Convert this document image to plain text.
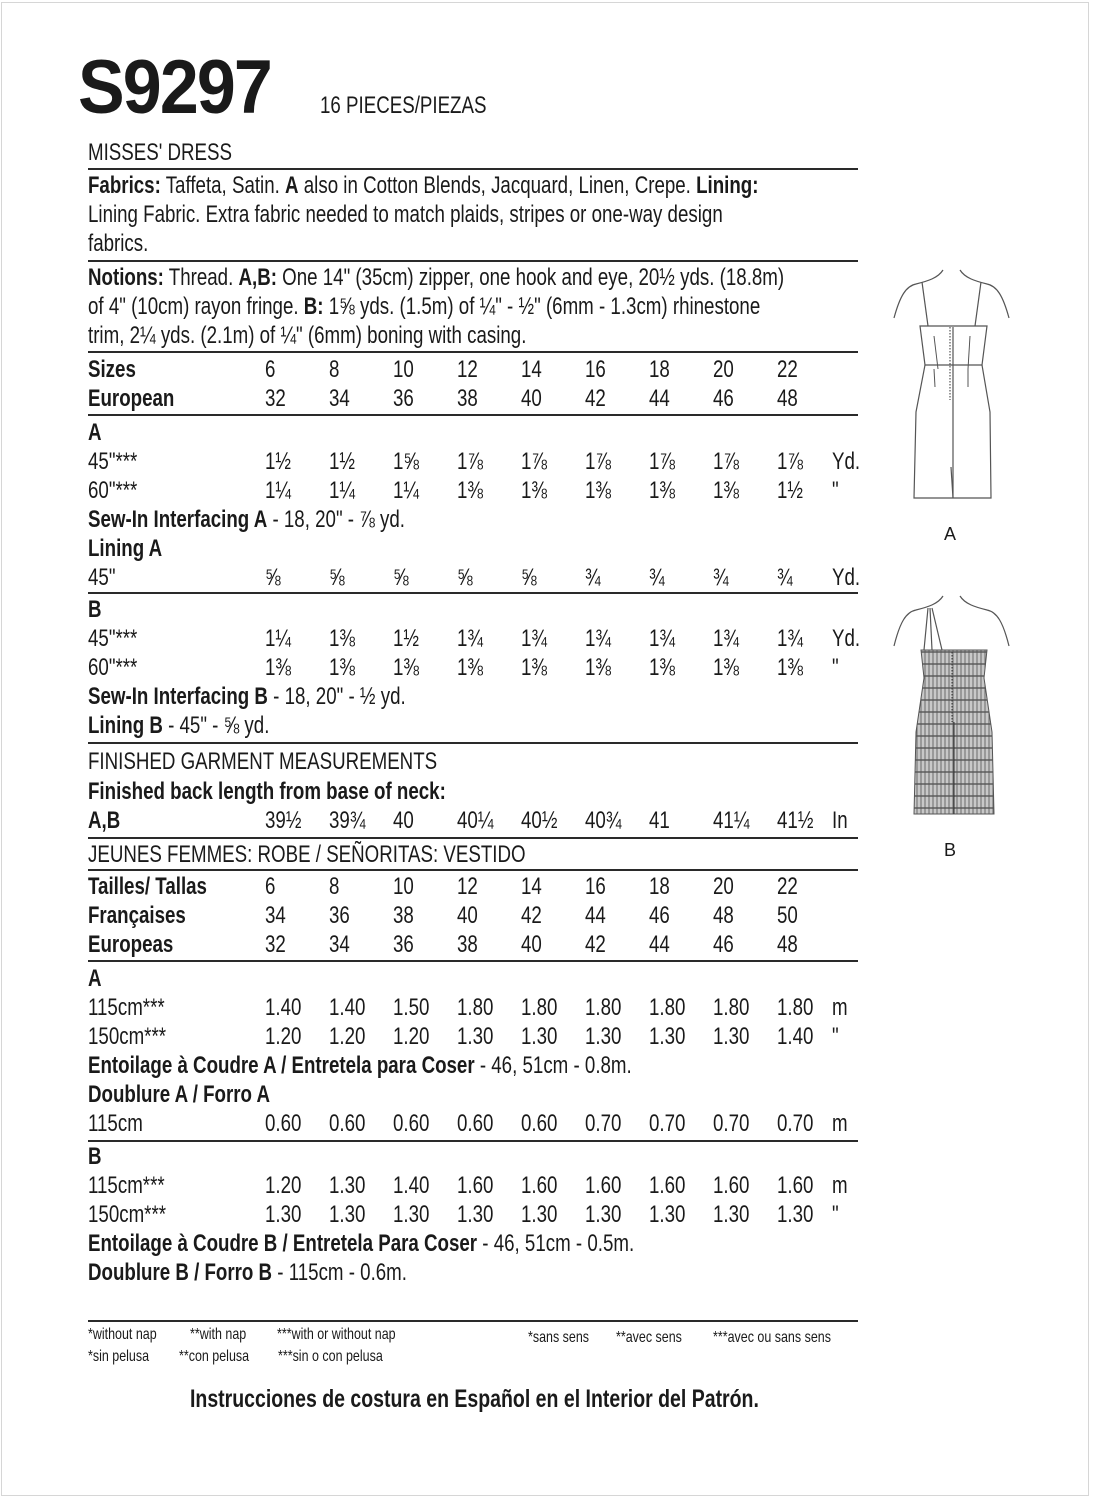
S9297	16 PIECES/PIEZAS
MISSES' DRESS
Fabrics: Taffeta, Satin. A also in Cotton Blends, Jacquard, Linen, Crepe. Lining:
Lining Fabric. Extra fabric needed to match plaids, stripes or one-way design
fabrics.
Notions: Thread. A,B: One 14" (35cm) zipper, one hook and eye, 20½ yds. (18.8m)
of 4" (10cm) rayon fringe. B: 1⅝ yds. (1.5m) of ¼" - ½" (6mm - 1.3cm) rhinestone
trim, 2¼ yds. (2.1m) of ¼" (6mm) boning with casing.
Sizes	6 8 10 12 14 16 18 20 22
European	32 34 36 38 40 42 44 46 48
A
45"***	1½ 1½ 1⅝ 1⅞ 1⅞ 1⅞ 1⅞ 1⅞ 1⅞ Yd.
60"***	1¼ 1¼ 1¼ 1⅜ 1⅜ 1⅜ 1⅜ 1⅜ 1½ "
Sew-In Interfacing A - 18, 20" - ⅞ yd.
Lining A
45"	⅝ ⅝ ⅝ ⅝ ⅝ ¾ ¾ ¾ ¾ Yd.
B
45"***	1¼ 1⅜ 1½ 1¾ 1¾ 1¾ 1¾ 1¾ 1¾ Yd.
60"***	1⅜ 1⅜ 1⅜ 1⅜ 1⅜ 1⅜ 1⅜ 1⅜ 1⅜ "
Sew-In Interfacing B - 18, 20" - ½ yd.
Lining B - 45" - ⅝ yd.
FINISHED GARMENT MEASUREMENTS
Finished back length from base of neck:
A,B	39½ 39¾ 40 40¼ 40½ 40¾ 41 41¼ 41½ In
JEUNES FEMMES: ROBE / SEÑORITAS: VESTIDO
Tailles/ Tallas 6 8 10 12 14 16 18 20 22
Françaises	34 36 38 40 42 44 46 48 50
Europeas	32 34 36 38 40 42 44 46 48
A
115cm***	1.40 1.40 1.50 1.80 1.80 1.80 1.80 1.80 1.80 m
150cm***	1.20 1.20 1.20 1.30 1.30 1.30 1.30 1.30 1.40 "
Entoilage à Coudre A / Entretela para Coser - 46, 51cm - 0.8m.
Doublure A / Forro A
115cm	0.60 0.60 0.60 0.60 0.60 0.70 0.70 0.70 0.70 m
B
115cm***	1.20 1.30 1.40 1.60 1.60 1.60 1.60 1.60 1.60 m
150cm***	1.30 1.30 1.30 1.30 1.30 1.30 1.30 1.30 1.30 "
Entoilage à Coudre B / Entretela Para Coser - 46, 51cm - 0.5m.
Doublure B / Forro B - 115cm - 0.6m.
*without nap	**with nap	***with or without nap
*sin pelusa	**con pelusa	***sin o con pelusa
*sans sens	**avec sens	***avec ou sans sens
Instrucciones de costura en Español en el Interior del Patrón.
A
B
